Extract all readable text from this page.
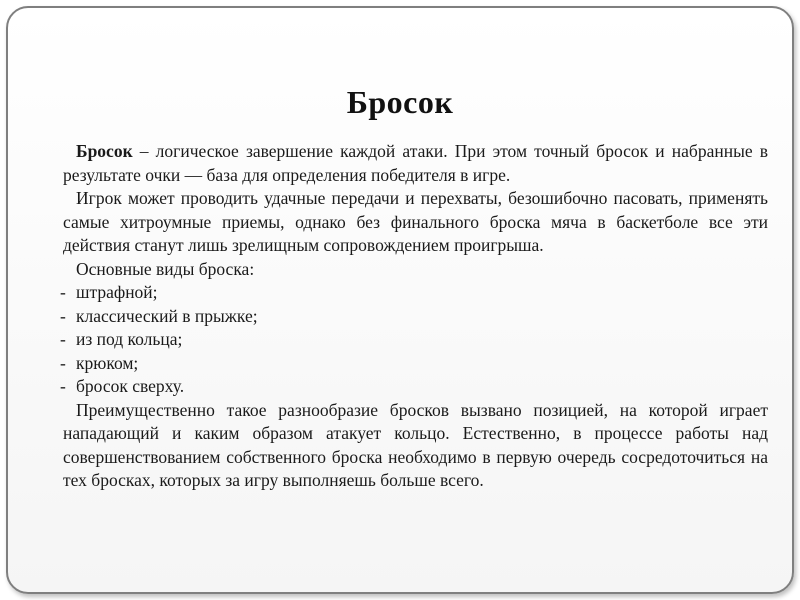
Бросок

Бросок – логическое завершение каждой атаки. При этом точный бросок и набранные в результате очки — база для определения победителя в игре.

Игрок может проводить удачные передачи и перехваты, безошибочно пасовать, применять самые хитроумные приемы, однако без финального броска мяча в баскетболе все эти действия станут лишь зрелищным сопровождением проигрыша.

Основные виды броска:

- штрафной;
- классический в прыжке;
- из под кольца;
- крюком;
- бросок сверху.

Преимущественно такое разнообразие бросков вызвано позицией, на которой играет нападающий и каким образом атакует кольцо. Естественно, в процессе работы над совершенствованием собственного броска необходимо в первую очередь сосредоточиться на тех бросках, которых за игру выполняешь больше всего.
